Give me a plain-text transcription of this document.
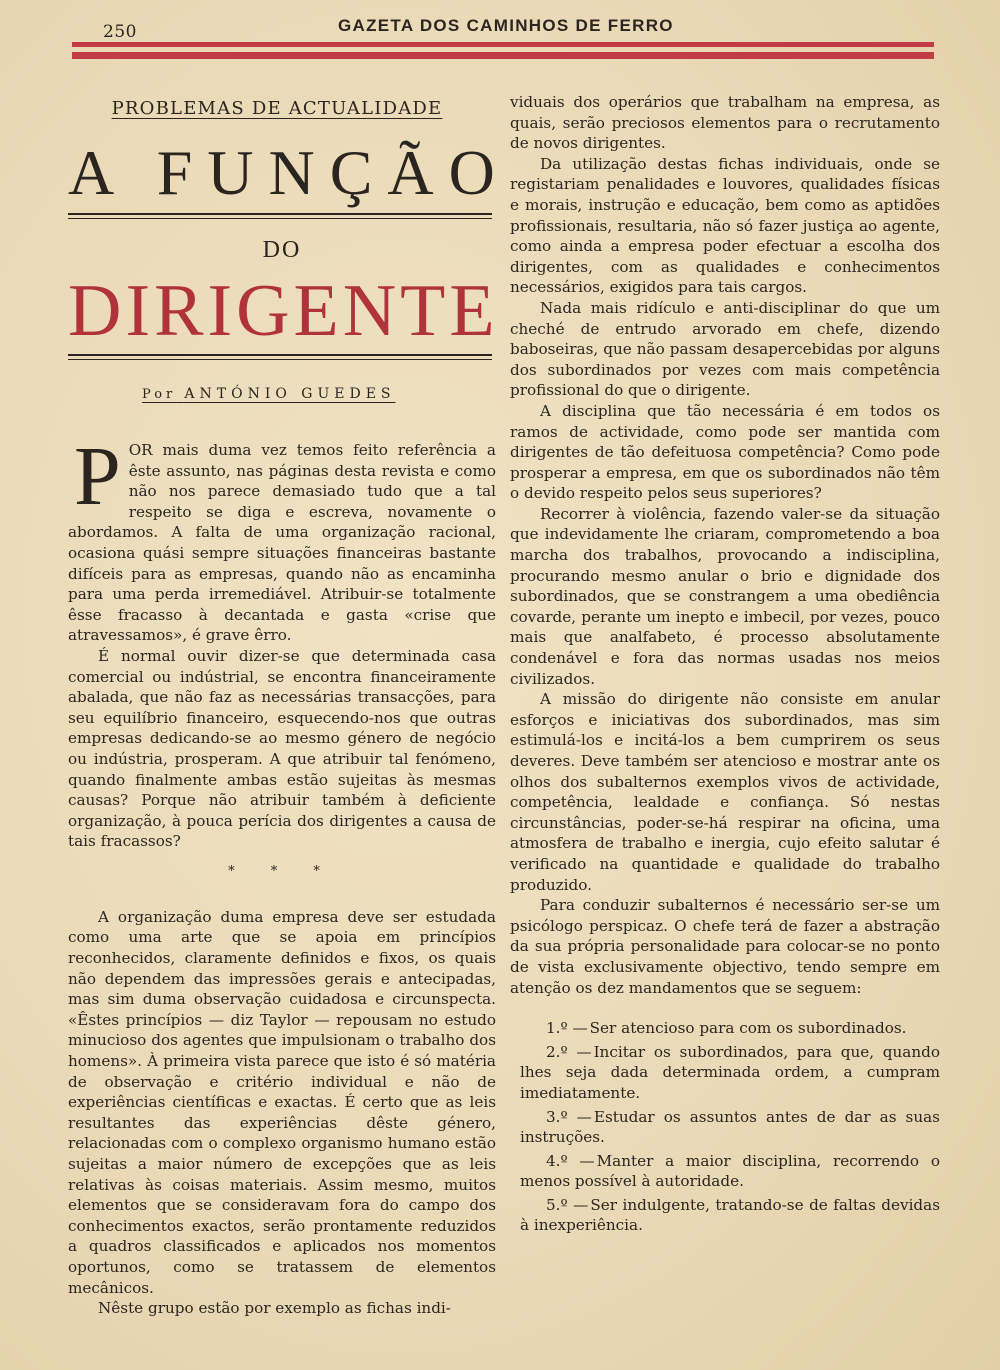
250	GAZETA DOS CAMINHOS DE FERRO
PROBLEMAS DE ACTUALIDADE
A FUNÇÃO
DO
DIRIGENTE
Por ANTÓNIO GUEDES
P OR mais duma vez temos feito referência a êste assunto, nas páginas desta revista e como não nos parece demasiado tudo que a tal respeito se diga e escreva, novamente o abordamos. A falta de uma organização racional, ocasiona quási sempre situações financeiras bastante difíceis para as empresas, quando não as encaminha para uma perda irremediável. Atribuir-se totalmente êsse fracasso à decantada e gasta «crise que atravessamos», é grave êrro.

É normal ouvir dizer-se que determinada casa comercial ou indústrial, se encontra financeiramente abalada, que não faz as necessárias transacções, para seu equilíbrio financeiro, esquecendo-nos que outras empresas dedicando-se ao mesmo género de negócio ou indústria, prosperam. A que atribuir tal fenómeno, quando finalmente ambas estão sujeitas às mesmas causas? Porque não atribuir também à deficiente organização, à pouca perícia dos dirigentes a causa de tais fracassos?

* * *

A organização duma empresa deve ser estudada como uma arte que se apoia em princípios reconhecidos, claramente definidos e fixos, os quais não dependem das impressões gerais e antecipadas, mas sim duma observação cuidadosa e circunspecta. «Êstes princípios — diz Taylor — repousam no estudo minucioso dos agentes que impulsionam o trabalho dos homens». À primeira vista parece que isto é só matéria de observação e critério individual e não de experiências científicas e exactas. É certo que as leis resultantes das experiências dêste género, relacionadas com o complexo organismo humano estão sujeitas a maior número de excepções que as leis relativas às coisas materiais. Assim mesmo, muitos elementos que se consideravam fora do campo dos conhecimentos exactos, serão prontamente reduzidos a quadros classificados e aplicados nos momentos oportunos, como se tratassem de elementos mecânicos.

Nêste grupo estão por exemplo as fichas indi-

viduais dos operários que trabalham na empresa, as quais, serão preciosos elementos para o recrutamento de novos dirigentes.

Da utilização destas fichas individuais, onde se registariam penalidades e louvores, qualidades físicas e morais, instrução e educação, bem como as aptidões profissionais, resultaria, não só fazer justiça ao agente, como ainda a empresa poder efectuar a escolha dos dirigentes, com as qualidades e conhecimentos necessários, exigidos para tais cargos.

Nada mais ridículo e anti-disciplinar do que um cheché de entrudo arvorado em chefe, dizendo baboseiras, que não passam desapercebidas por alguns dos subordinados por vezes com mais competência profissional do que o dirigente.

A disciplina que tão necessária é em todos os ramos de actividade, como pode ser mantida com dirigentes de tão defeituosa competência? Como pode prosperar a empresa, em que os subordinados não têm o devido respeito pelos seus superiores?

Recorrer à violência, fazendo valer-se da situação que indevidamente lhe criaram, comprometendo a boa marcha dos trabalhos, provocando a indisciplina, procurando mesmo anular o brio e dignidade dos subordinados, que se constrangem a uma obediência covarde, perante um inepto e imbecil, por vezes, pouco mais que analfabeto, é processo absolutamente condenável e fora das normas usadas nos meios civilizados.

A missão do dirigente não consiste em anular esforços e iniciativas dos subordinados, mas sim estimulá-los e incitá-los a bem cumprirem os seus deveres. Deve também ser atencioso e mostrar ante os olhos dos subalternos exemplos vivos de actividade, competência, lealdade e confiança. Só nestas circunstâncias, poder-se-há respirar na oficina, uma atmosfera de trabalho e inergia, cujo efeito salutar é verificado na quantidade e qualidade do trabalho produzido.

Para conduzir subalternos é necessário ser-se um psicólogo perspicaz. O chefe terá de fazer a abstração da sua própria personalidade para colocar-se no ponto de vista exclusivamente objectivo, tendo sempre em atenção os dez mandamentos que se seguem:

1.º — Ser atencioso para com os subordinados.
2.º — Incitar os subordinados, para que, quando lhes seja dada determinada ordem, a cumpram imediatamente.
3.º — Estudar os assuntos antes de dar as suas instruções.
4.º — Manter a maior disciplina, recorrendo o menos possível à autoridade.
5.º — Ser indulgente, tratando-se de faltas devidas à inexperiência.
